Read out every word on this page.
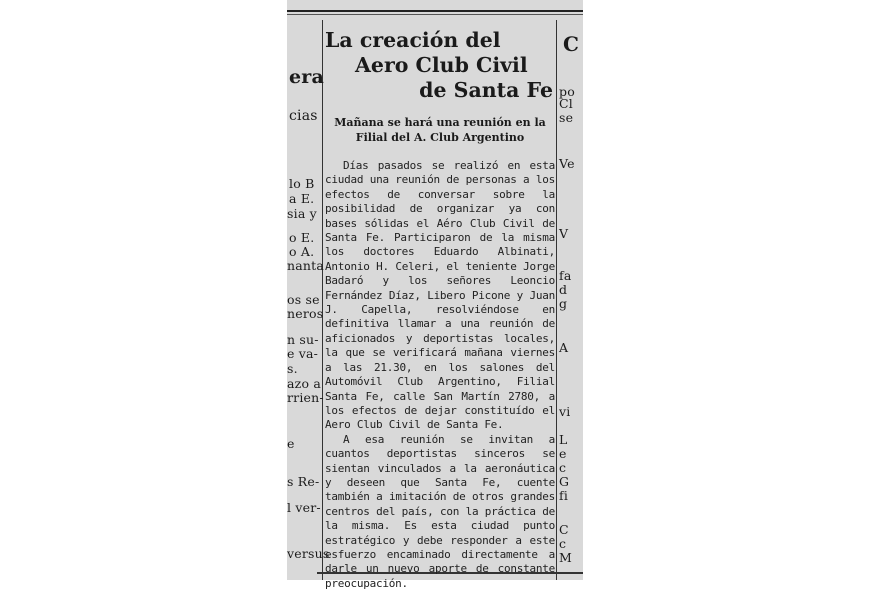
era
cias
lo B
a E.
sia y
o E.
o A.
nanta
os se
neros
n su-
e va-
s.
azo a
rrien-
e
s Re-
l ver-
versus
C
po
Cl
se
Ve
V
fa
d
g
A
vi
L
e
c
G
fi
C
c
M
La creación del
Aero Club Civil
de Santa Fe
Mañana se hará una reunión en la Filial del A. Club Argentino

Días pasados se realizó en esta ciudad una reunión de personas a los efectos de conversar sobre la posibilidad de organizar ya con bases sólidas el Aéro Club Civil de Santa Fe. Participaron de la misma los doctores Eduardo Albinati, Antonio H. Celeri, el teniente Jorge Badaró y los señores Leoncio Fernández Díaz, Libero Picone y Juan J. Capella, resolviéndose en definitiva llamar a una reunión de aficionados y deportistas locales, la que se verificará mañana viernes a las 21.30, en los salones del Automóvil Club Argentino, Filial Santa Fe, calle San Martín 2780, a los efectos de dejar constituído el Aero Club Civil de Santa Fe.

A esa reunión se invitan a cuantos deportistas sinceros se sientan vinculados a la aeronáutica y deseen que Santa Fe, cuente también a imitación de otros grandes centros del país, con la práctica de la misma. Es esta ciudad punto estratégico y debe responder a este esfuerzo encaminado directamente a darle un nuevo aporte de constante preocupación.
